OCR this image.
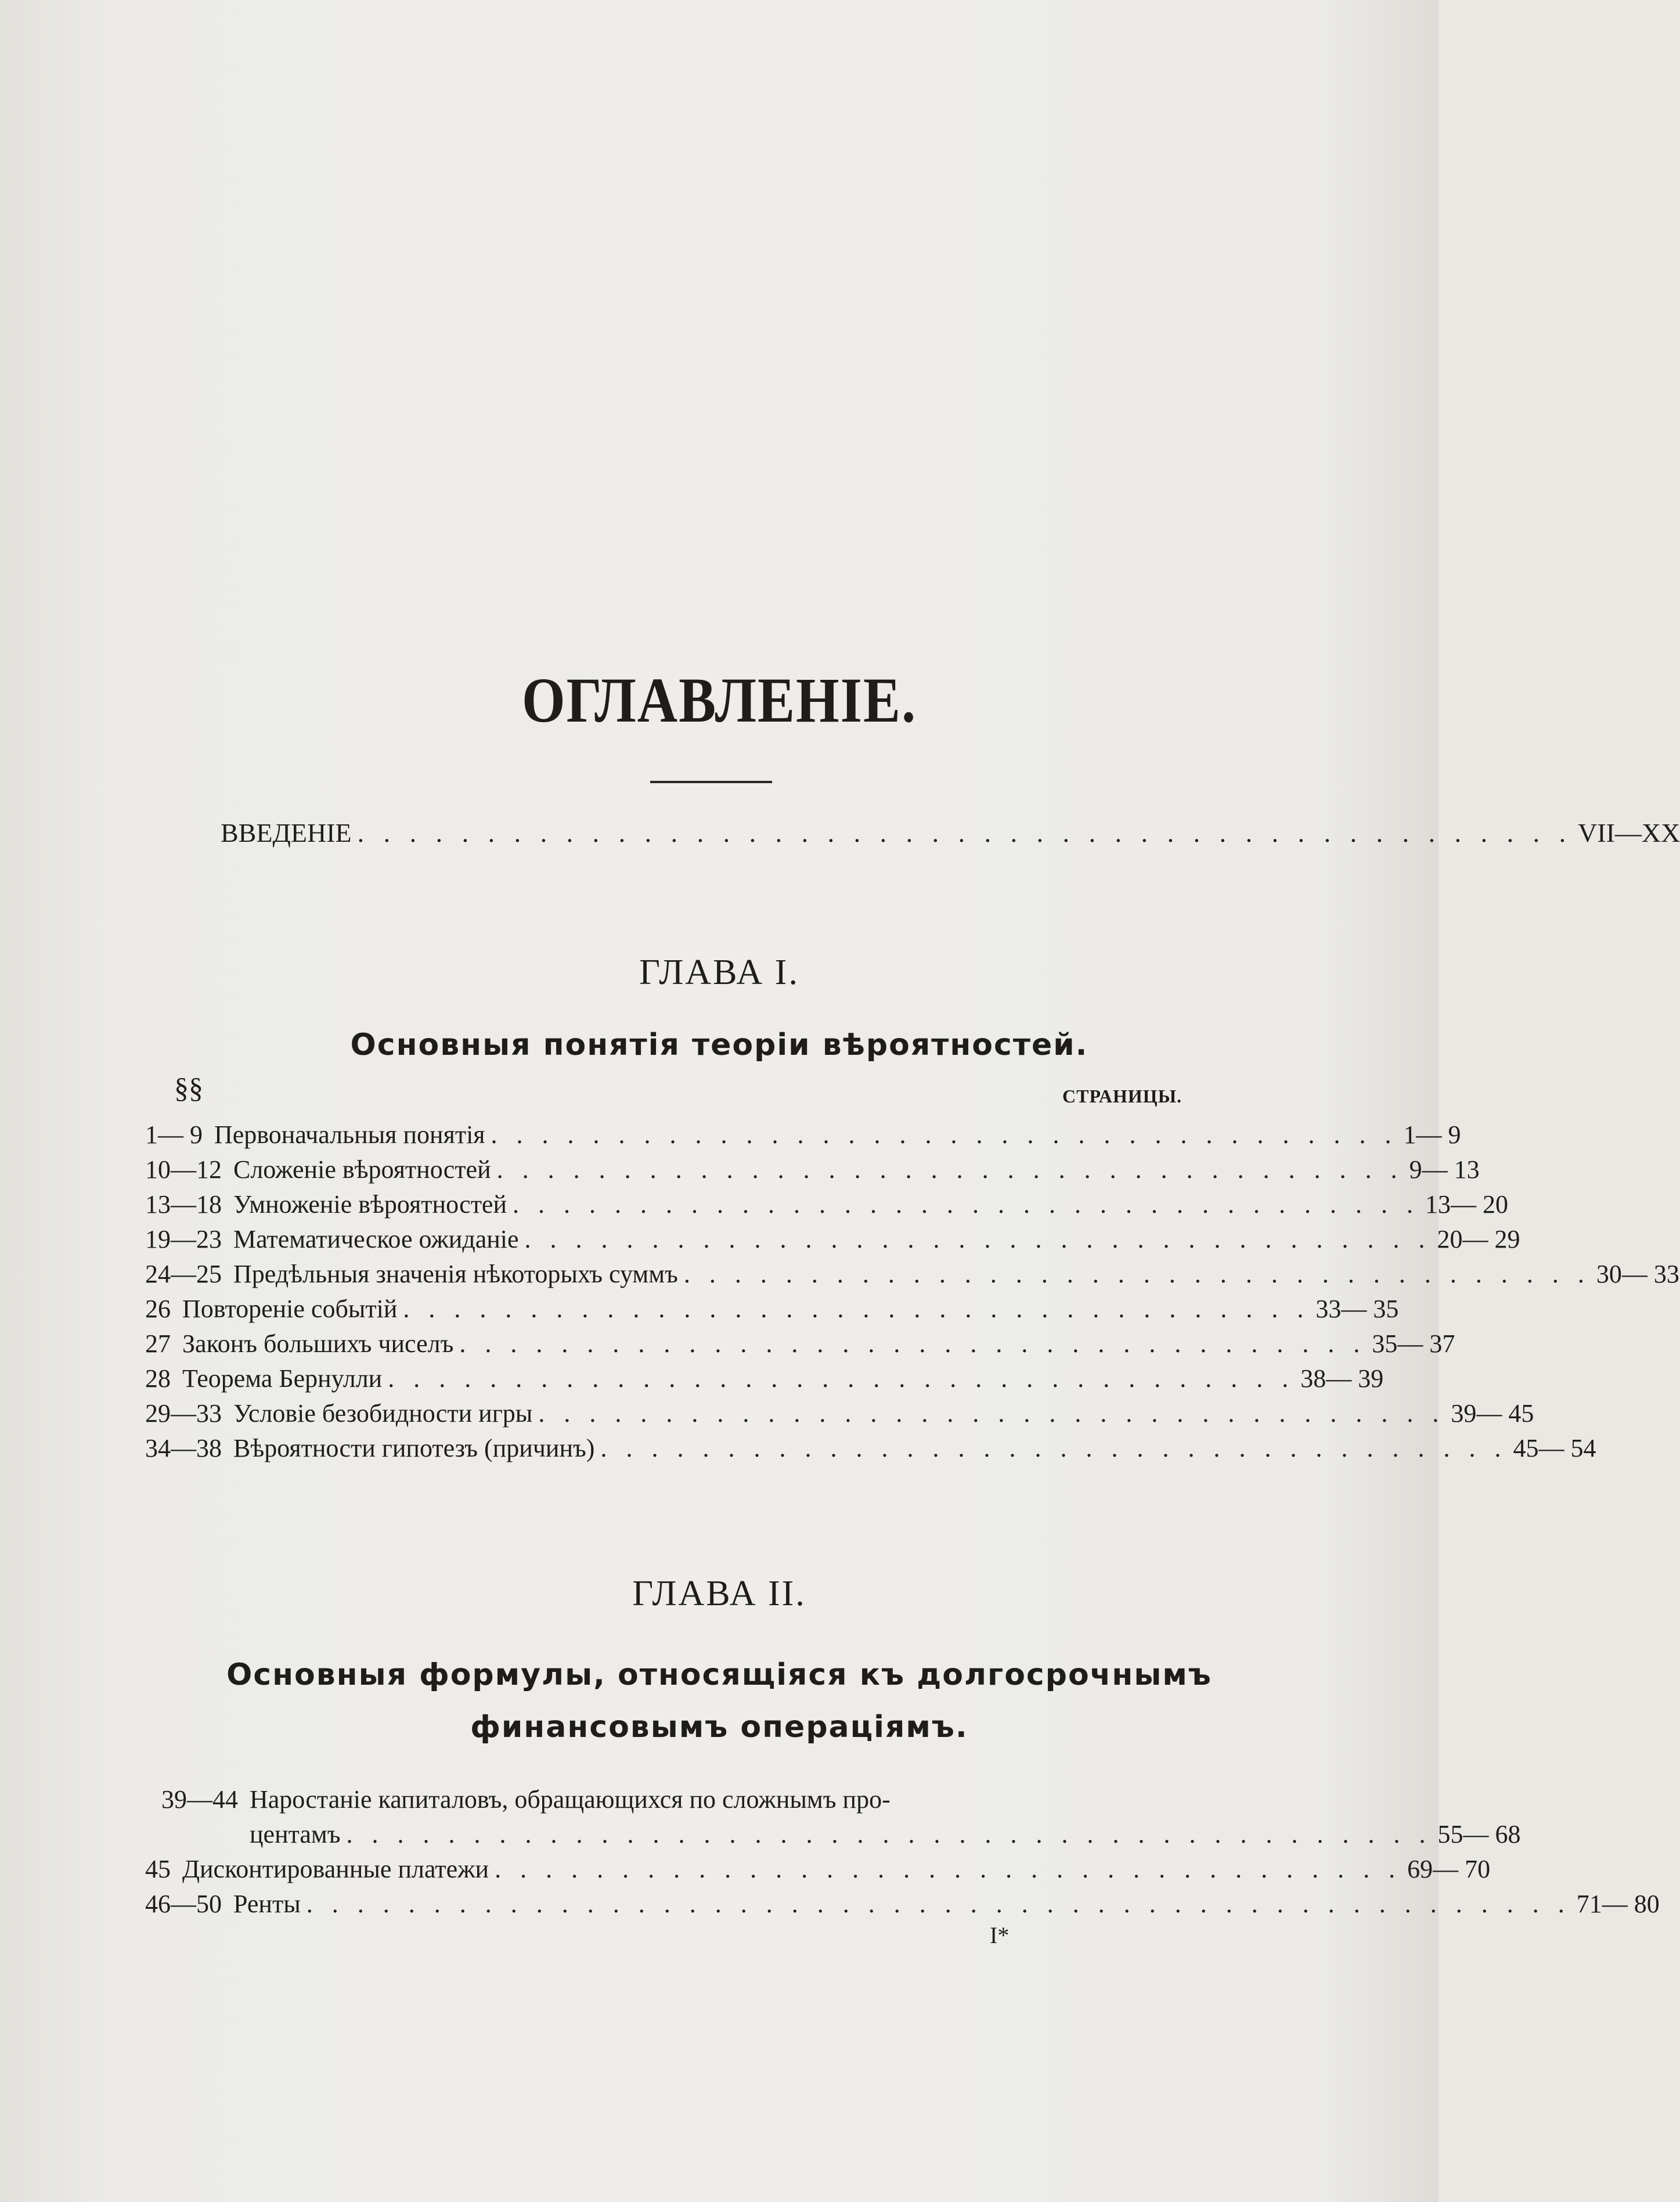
ОГЛАВЛЕНІЕ.
ВВЕДЕНІЕ . . . . . . . . . . . . . . . . . . . . . . . . . . . . . . . . . . . . . . . . . . . . . . . VII—XX
ГЛАВА I.
Основныя понятія теоріи вѣроятностей.
§§	СТРАНИЦЫ.
1— 9 Первоначальныя понятія . . . . . . . . . . . . . . . . . . . . . . . . . . . . . . . . . . . . 1— 9
10—12 Сложеніе вѣроятностей . . . . . . . . . . . . . . . . . . . . . . . . . . . . . . . . . . . . 9— 13
13—18 Умноженіе вѣроятностей . . . . . . . . . . . . . . . . . . . . . . . . . . . . . . . . . . . . 13— 20
19—23 Математическое ожиданіе . . . . . . . . . . . . . . . . . . . . . . . . . . . . . . . . . . . . 20— 29
24—25 Предѣльныя значенія нѣкоторыхъ суммъ . . . . . . . . . . . . . . . . . . . . . . . . . . . . . . . . . . . . 30— 33
26 Повтореніе событій . . . . . . . . . . . . . . . . . . . . . . . . . . . . . . . . . . . . 33— 35
27 Законъ большихъ чиселъ . . . . . . . . . . . . . . . . . . . . . . . . . . . . . . . . . . . . 35— 37
28 Теорема Бернулли . . . . . . . . . . . . . . . . . . . . . . . . . . . . . . . . . . . . 38— 39
29—33 Условіе безобидности игры . . . . . . . . . . . . . . . . . . . . . . . . . . . . . . . . . . . . 39— 45
34—38 Вѣроятности гипотезъ (причинъ) . . . . . . . . . . . . . . . . . . . . . . . . . . . . . . . . . . . . 45— 54
ГЛАВА II.
Основныя формулы, относящіяся къ долгосрочнымъ
финансовымъ операціямъ.
39—44 Наростаніе капиталовъ, обращающихся по сложнымъ про-
центамъ . . . . . . . . . . . . . . . . . . . . . . . . . . . . . . . . . . . . . . . . . . . 55— 68
45 Дисконтированные платежи . . . . . . . . . . . . . . . . . . . . . . . . . . . . . . . . . . . . 69— 70
46—50 Ренты . . . . . . . . . . . . . . . . . . . . . . . . . . . . . . . . . . . . . . . . . . . . . . . . . . 71— 80
I*
